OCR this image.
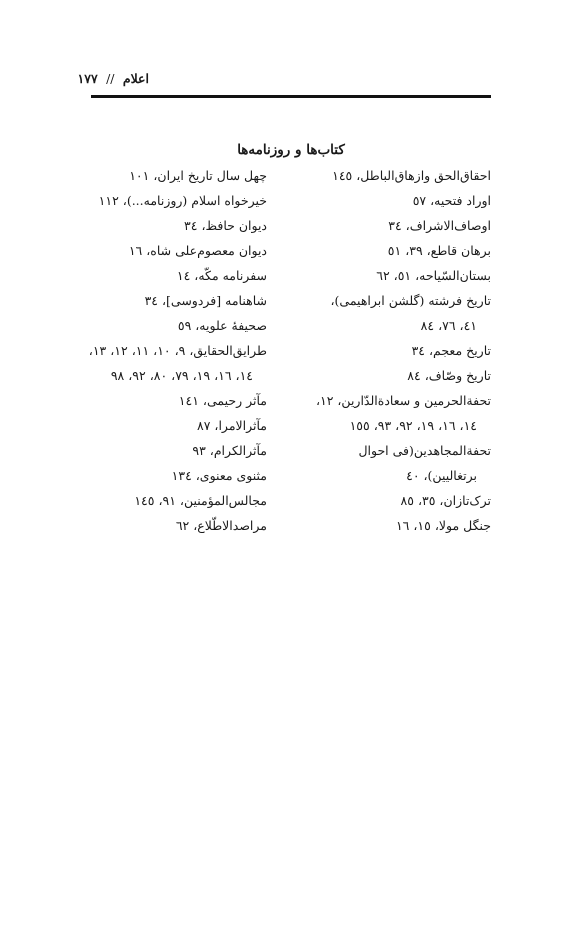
اعلام // ۱۷۷
کتاب‌ها و روزنامه‌ها
احقاق‌الحق وازهاق‌الباطل، ۱٤٥
اوراد فتحیه، ٥٧
اوصاف‌الاشراف، ٣٤
برهان قاطع، ٣٩، ٥١
بستان‌السّیاحه، ٥١، ٦٢
تاریخ فرشته (گلشن ابراهیمی)،
٤١، ٧٦، ٨٤
تاریخ معجم، ٣٤
تاریخ وصّاف، ٨٤
تحفة‌الحرمین و سعادة‌الدّارین، ١٢،
١٤، ١٦، ١٩، ٩٢، ٩٣، ١٥٥
تحفة‌المجاهدین(فی احوال
برتغالیین)، ٤٠
ترک‌تازان، ٣٥، ٨٥
جنگل مولا، ١٥، ١٦
چهل سال تاریخ ایران، ١٠١
خیرخواه اسلام (روزنامه...)، ١١٢
دیوان حافظ، ٣٤
دیوان معصوم‌علی شاه، ١٦
سفرنامه مکّه، ١٤
شاهنامه [فردوسی]، ٣٤
صحیفهٔ علویه، ٥٩
طرایق‌الحقایق، ٩، ١٠، ١١، ١٢، ١٣،
١٤، ١٦، ١٩، ٧٩، ٨٠، ٩٢، ٩٨
مآثر رحیمی، ١٤١
مآثرالامرا، ٨٧
مآثرالکرام، ٩٣
مثنوی معنوی، ١٣٤
مجالس‌المؤمنین، ٩١، ١٤٥
مراصدالاطّلاع، ٦٢
